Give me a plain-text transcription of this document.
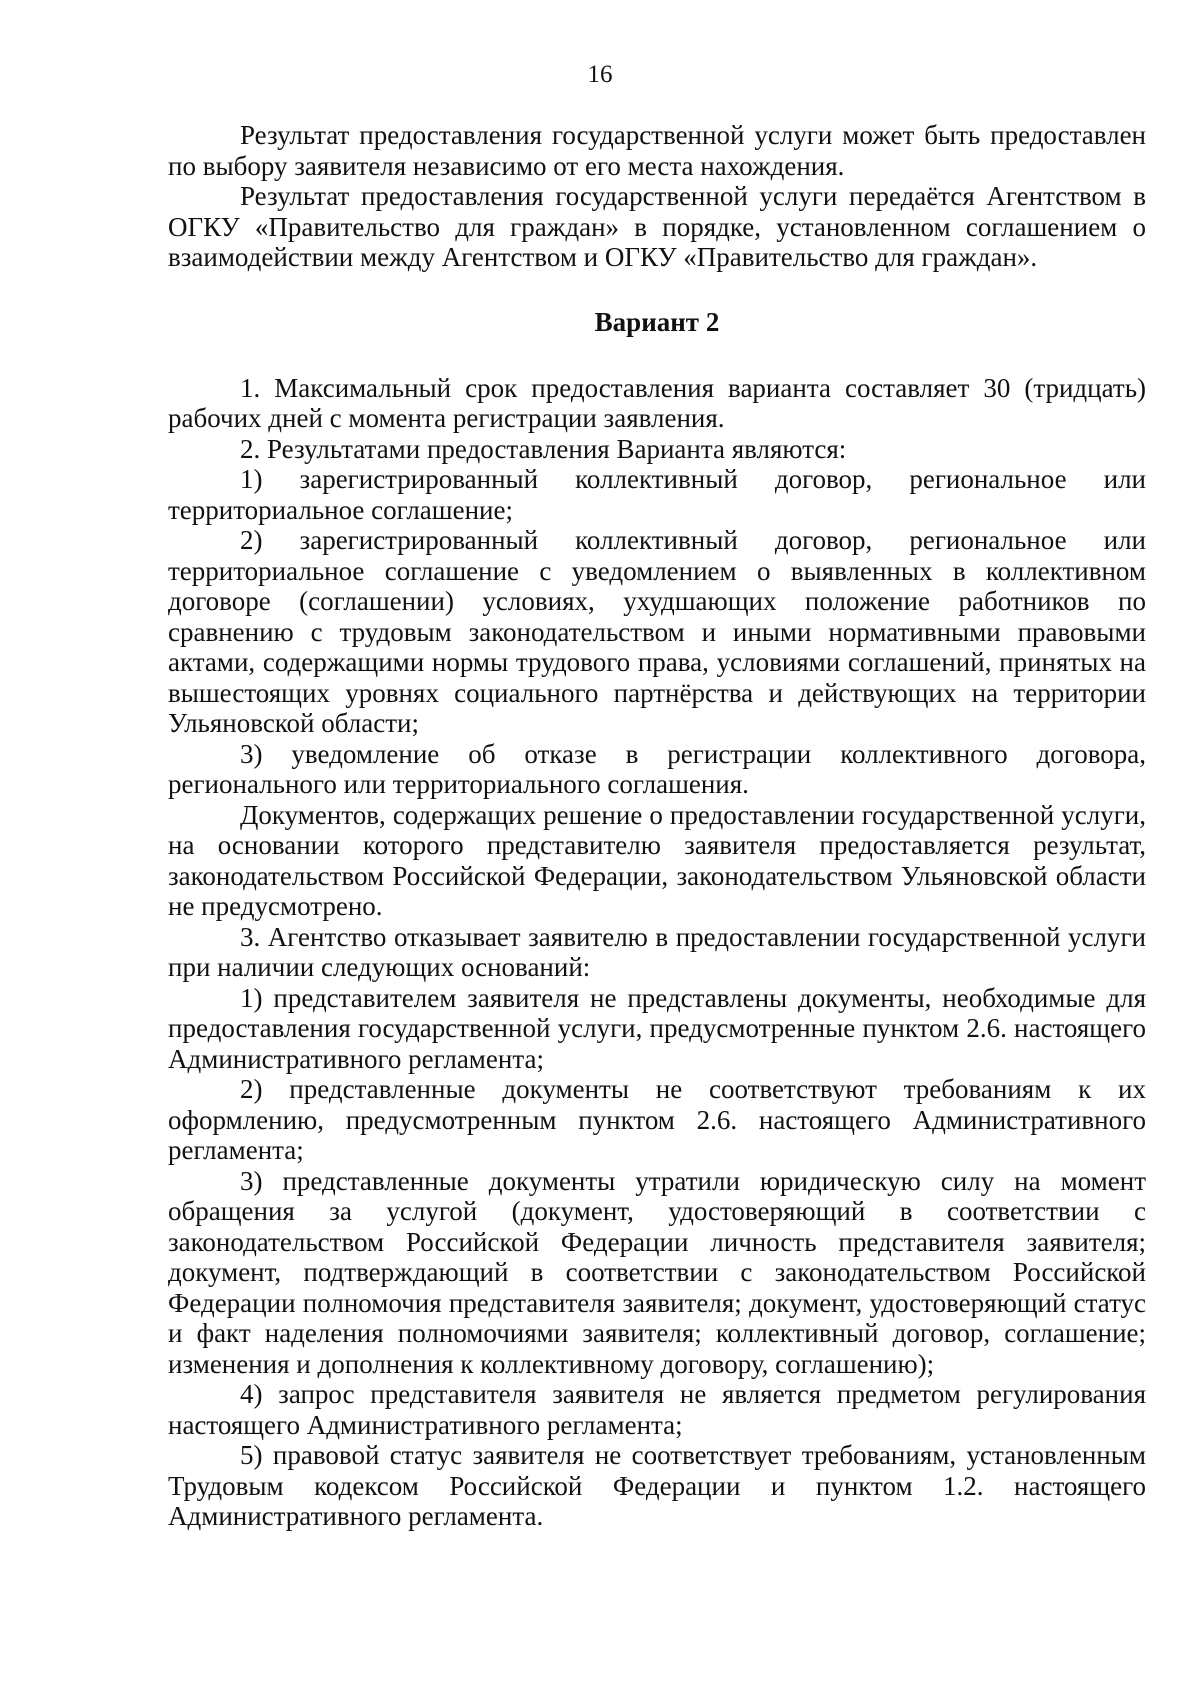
16

Результат предоставления государственной услуги может быть предоставлен по выбору заявителя независимо от его места нахождения.

Результат предоставления государственной услуги передаётся Агентством в ОГКУ «Правительство для граждан» в порядке, установленном соглашением о взаимодействии между Агентством и ОГКУ «Правительство для граждан».

Вариант 2

1. Максимальный срок предоставления варианта составляет 30 (тридцать) рабочих дней с момента регистрации заявления.

2. Результатами предоставления Варианта являются:

1) зарегистрированный коллективный договор, региональное или территориальное соглашение;

2) зарегистрированный коллективный договор, региональное или территориальное соглашение с уведомлением о выявленных в коллективном договоре (соглашении) условиях, ухудшающих положение работников по сравнению с трудовым законодательством и иными нормативными правовыми актами, содержащими нормы трудового права, условиями соглашений, принятых на вышестоящих уровнях социального партнёрства и действующих на территории Ульяновской области;

3) уведомление об отказе в регистрации коллективного договора, регионального или территориального соглашения.

Документов, содержащих решение о предоставлении государственной услуги, на основании которого представителю заявителя предоставляется результат, законодательством Российской Федерации, законодательством Ульяновской области не предусмотрено.

3. Агентство отказывает заявителю в предоставлении государственной услуги при наличии следующих оснований:

1) представителем заявителя не представлены документы, необходимые для предоставления государственной услуги, предусмотренные пунктом 2.6. настоящего Административного регламента;

2) представленные документы не соответствуют требованиям к их оформлению, предусмотренным пунктом 2.6. настоящего Административного регламента;

3) представленные документы утратили юридическую силу на момент обращения за услугой (документ, удостоверяющий в соответствии с законодательством Российской Федерации личность представителя заявителя; документ, подтверждающий в соответствии с законодательством Российской Федерации полномочия представителя заявителя; документ, удостоверяющий статус и факт наделения полномочиями заявителя; коллективный договор, соглашение; изменения и дополнения к коллективному договору, соглашению);

4) запрос представителя заявителя не является предметом регулирования настоящего Административного регламента;

5) правовой статус заявителя не соответствует требованиям, установленным Трудовым кодексом Российской Федерации и пунктом 1.2. настоящего Административного регламента.
